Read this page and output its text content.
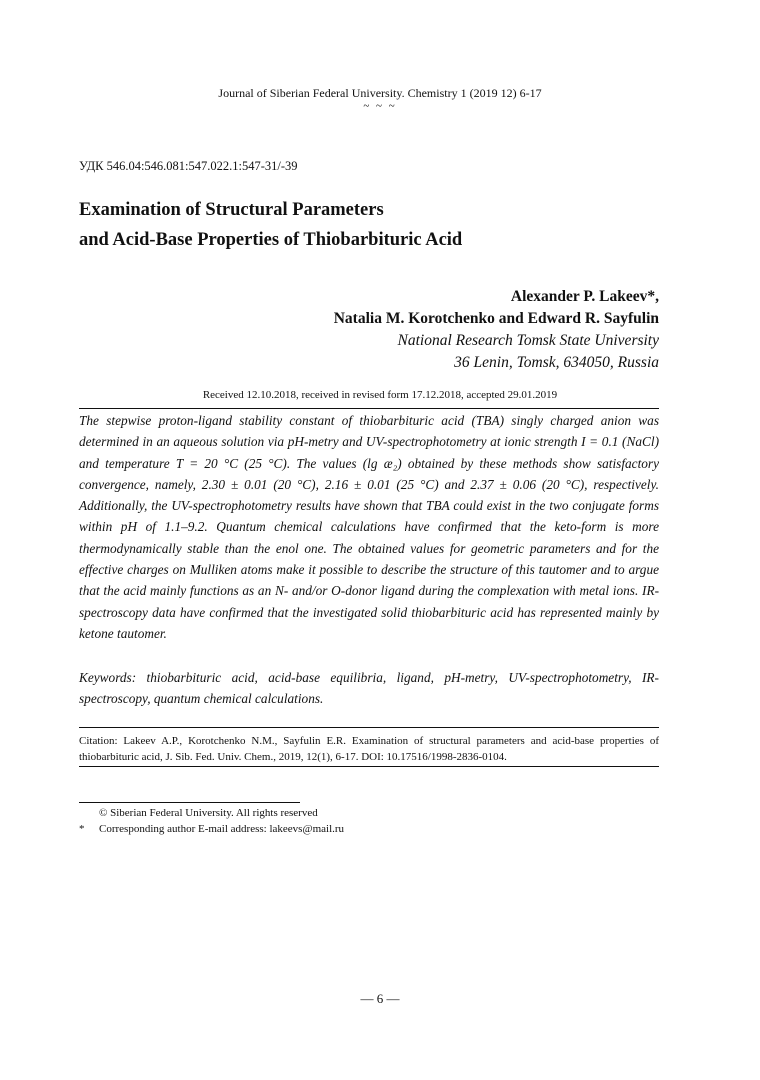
Journal of Siberian Federal University. Chemistry 1 (2019 12) 6-17
~ ~ ~
УДК 546.04:546.081:547.022.1:547-31/-39
Examination of Structural Parameters
and Acid-Base Properties of Thiobarbituric Acid
Alexander P. Lakeev*,
Natalia M. Korotchenko and Edward R. Sayfulin
National Research Tomsk State University
36 Lenin, Tomsk, 634050, Russia
Received 12.10.2018, received in revised form 17.12.2018, accepted 29.01.2019

The stepwise proton-ligand stability constant of thiobarbituric acid (TBA) singly charged anion was determined in an aqueous solution via pH-metry and UV-spectrophotometry at ionic strength I = 0.1 (NaCl) and temperature T = 20 °C (25 °C). The values (lg æ₂) obtained by these methods show satisfactory convergence, namely, 2.30 ± 0.01 (20 °C), 2.16 ± 0.01 (25 °C) and 2.37 ± 0.06 (20 °C), respectively. Additionally, the UV-spectrophotometry results have shown that TBA could exist in the two conjugate forms within pH of 1.1–9.2. Quantum chemical calculations have confirmed that the keto-form is more thermodynamically stable than the enol one. The obtained values for geometric parameters and for the effective charges on Mulliken atoms make it possible to describe the structure of this tautomer and to argue that the acid mainly functions as an N- and/or O-donor ligand during the complexation with metal ions. IR-spectroscopy data have confirmed that the investigated solid thiobarbituric acid has represented mainly by ketone tautomer.

Keywords: thiobarbituric acid, acid-base equilibria, ligand, pH-metry, UV-spectrophotometry, IR-spectroscopy, quantum chemical calculations.

Citation: Lakeev A.P., Korotchenko N.M., Sayfulin E.R. Examination of structural parameters and acid-base properties of thiobarbituric acid, J. Sib. Fed. Univ. Chem., 2019, 12(1), 6-17. DOI: 10.17516/1998-2836-0104.

© Siberian Federal University. All rights reserved
* Corresponding author E-mail address: lakeevs@mail.ru
— 6 —
